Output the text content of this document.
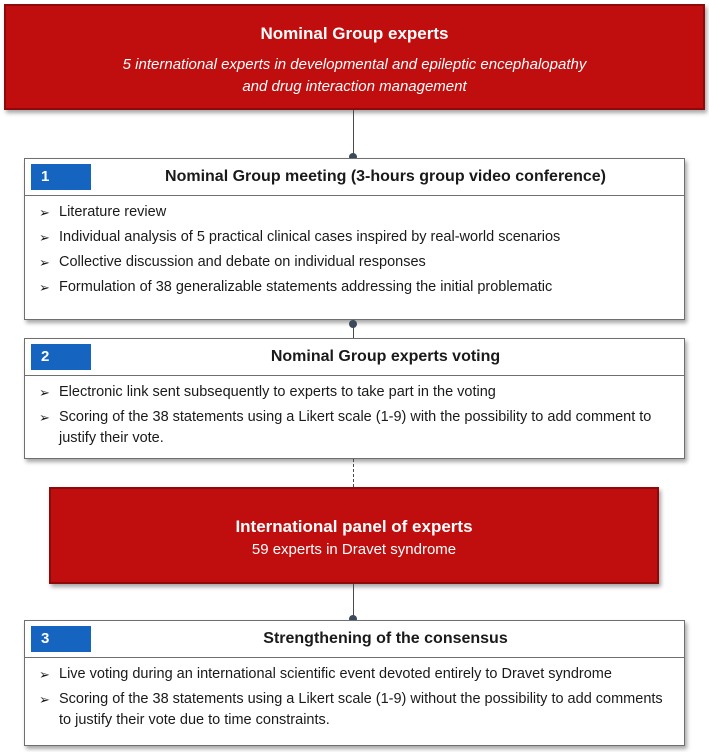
Nominal Group experts
5 international experts in developmental and epileptic encephalopathy
and drug interaction management
1	Nominal Group meeting (3-hours group video conference)
➢ Literature review
➢ Individual analysis of 5 practical clinical cases inspired by real-world scenarios
➢ Collective discussion and debate on individual responses
➢ Formulation of 38 generalizable statements addressing the initial problematic
2	Nominal Group experts voting
➢ Electronic link sent subsequently to experts to take part in the voting
➢ Scoring of the 38 statements using a Likert scale (1-9) with the possibility to add comment to justify their vote.
International panel of experts
59 experts in Dravet syndrome
3	Strengthening of the consensus
➢ Live voting during an international scientific event devoted entirely to Dravet syndrome
➢ Scoring of the 38 statements using a Likert scale (1-9) without the possibility to add comments to justify their vote due to time constraints.
